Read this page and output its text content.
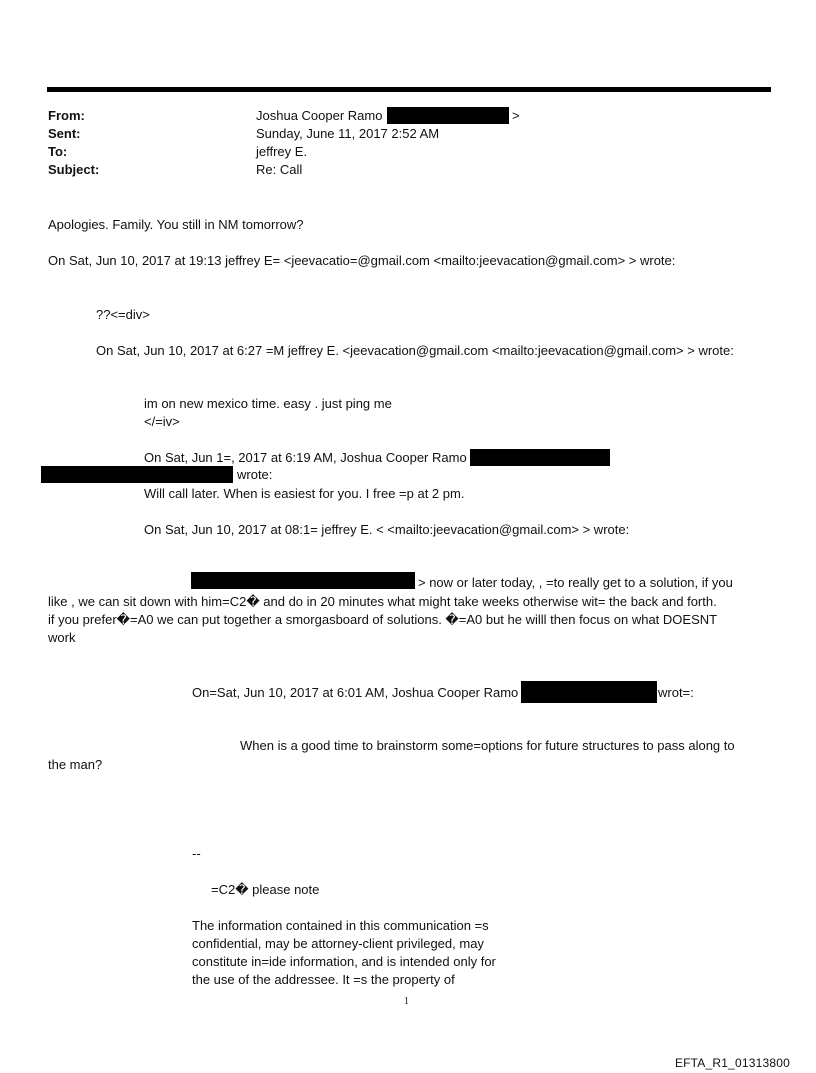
From:
Sent:
To:
Subject:
Joshua Cooper Ramo	>
Sunday, June 11, 2017 2:52 AM
jeffrey E.
Re: Call
Apologies. Family. You still in NM tomorrow?
On Sat, Jun 10, 2017 at 19:13 jeffrey E= <jeevacatio=@gmail.com <mailto:jeevacation@gmail.com> > wrote:
??<=div>
On Sat, Jun 10, 2017 at 6:27 =M jeffrey E. <jeevacation@gmail.com <mailto:jeevacation@gmail.com> > wrote:
im on new mexico time. easy . just ping me
</=iv>
On Sat, Jun 1=, 2017 at 6:19 AM, Joshua Cooper Ramo
wrote:
Will call later. When is easiest for you. I free =p at 2 pm.
On Sat, Jun 10, 2017 at 08:1= jeffrey E. < <mailto:jeevacation@gmail.com> > wrote:
> now or later today, , =to really get to a solution, if you
like , we can sit down with him=C2� and do in 20 minutes what might take weeks otherwise wit= the back and forth.
if you prefer�=A0 we can put together a smorgasboard of solutions. �=A0 but he willl then focus on what DOESNT
work
On=Sat, Jun 10, 2017 at 6:01 AM, Joshua Cooper Ramo	wrot=:
When is a good time to brainstorm some=options for future structures to pass along to
the man?
--
=C2� please note
The information contained in this communication =s
confidential, may be attorney-client privileged, may
constitute in=ide information, and is intended only for
the use of the addressee. It =s the property of
1
EFTA_R1_01313800
